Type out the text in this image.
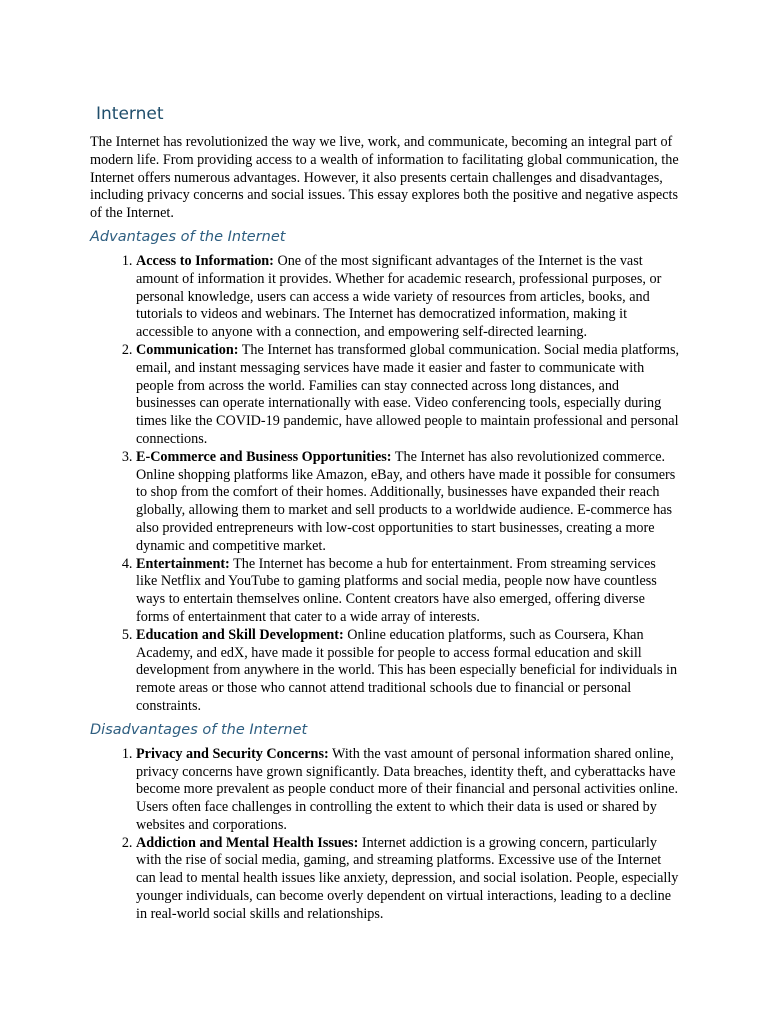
Internet

The Internet has revolutionized the way we live, work, and communicate, becoming an integral part of modern life. From providing access to a wealth of information to facilitating global communication, the Internet offers numerous advantages. However, it also presents certain challenges and disadvantages, including privacy concerns and social issues. This essay explores both the positive and negative aspects of the Internet.

Advantages of the Internet
1. Access to Information: One of the most significant advantages of the Internet is the vast amount of information it provides. Whether for academic research, professional purposes, or personal knowledge, users can access a wide variety of resources from articles, books, and tutorials to videos and webinars. The Internet has democratized information, making it accessible to anyone with a connection, and empowering self-directed learning.
2. Communication: The Internet has transformed global communication. Social media platforms, email, and instant messaging services have made it easier and faster to communicate with people from across the world. Families can stay connected across long distances, and businesses can operate internationally with ease. Video conferencing tools, especially during times like the COVID-19 pandemic, have allowed people to maintain professional and personal connections.
3. E-Commerce and Business Opportunities: The Internet has also revolutionized commerce. Online shopping platforms like Amazon, eBay, and others have made it possible for consumers to shop from the comfort of their homes. Additionally, businesses have expanded their reach globally, allowing them to market and sell products to a worldwide audience. E-commerce has also provided entrepreneurs with low-cost opportunities to start businesses, creating a more dynamic and competitive market.
4. Entertainment: The Internet has become a hub for entertainment. From streaming services like Netflix and YouTube to gaming platforms and social media, people now have countless ways to entertain themselves online. Content creators have also emerged, offering diverse forms of entertainment that cater to a wide array of interests.
5. Education and Skill Development: Online education platforms, such as Coursera, Khan Academy, and edX, have made it possible for people to access formal education and skill development from anywhere in the world. This has been especially beneficial for individuals in remote areas or those who cannot attend traditional schools due to financial or personal constraints.
Disadvantages of the Internet
1. Privacy and Security Concerns: With the vast amount of personal information shared online, privacy concerns have grown significantly. Data breaches, identity theft, and cyberattacks have become more prevalent as people conduct more of their financial and personal activities online. Users often face challenges in controlling the extent to which their data is used or shared by websites and corporations.
2. Addiction and Mental Health Issues: Internet addiction is a growing concern, particularly with the rise of social media, gaming, and streaming platforms. Excessive use of the Internet can lead to mental health issues like anxiety, depression, and social isolation. People, especially younger individuals, can become overly dependent on virtual interactions, leading to a decline in real-world social skills and relationships.
